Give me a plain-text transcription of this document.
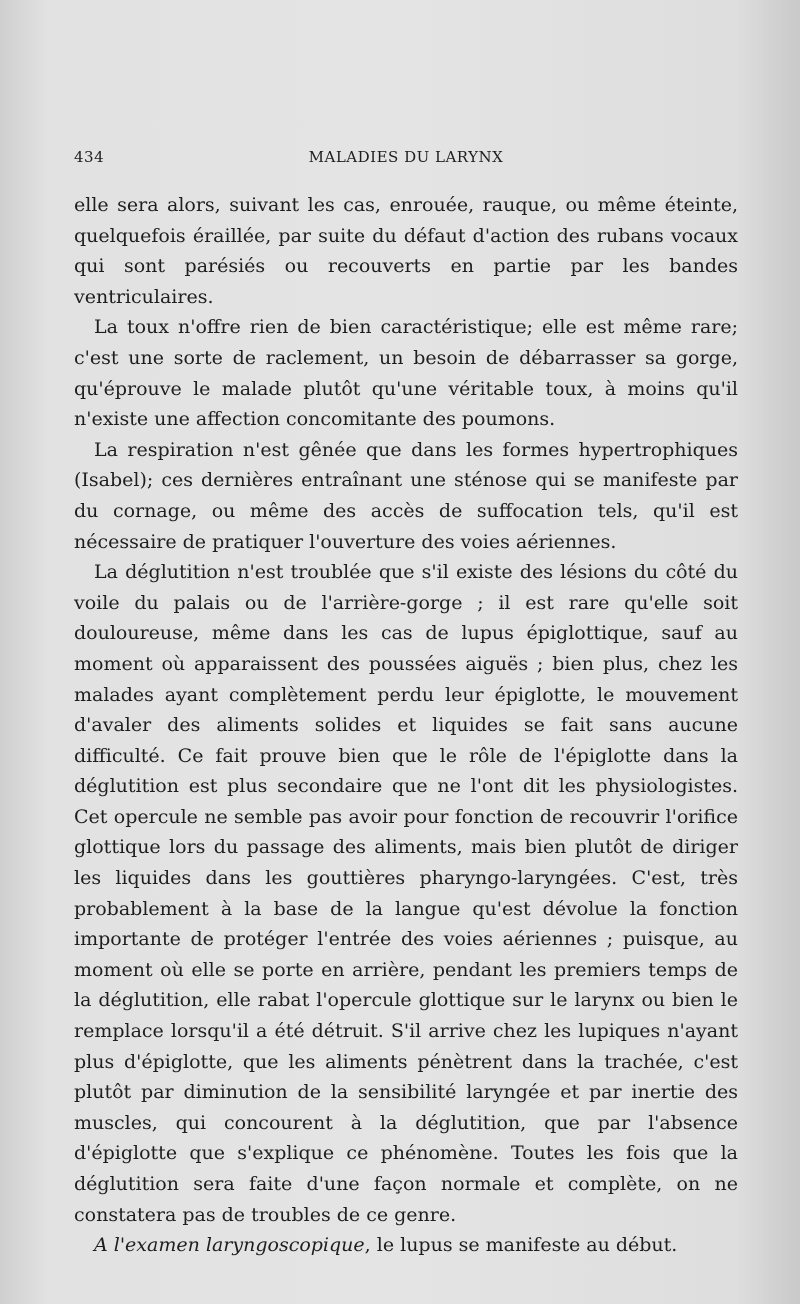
434	MALADIES DU LARYNX

elle sera alors, suivant les cas, enrouée, rauque, ou même éteinte, quelquefois éraillée, par suite du défaut d'action des rubans vocaux qui sont parésiés ou recouverts en partie par les bandes ventriculaires.

La toux n'offre rien de bien caractéristique; elle est même rare; c'est une sorte de raclement, un besoin de débarrasser sa gorge, qu'éprouve le malade plutôt qu'une véritable toux, à moins qu'il n'existe une affection concomitante des poumons.

La respiration n'est gênée que dans les formes hypertrophiques (Isabel); ces dernières entraînant une sténose qui se manifeste par du cornage, ou même des accès de suffocation tels, qu'il est nécessaire de pratiquer l'ouverture des voies aériennes.

La déglutition n'est troublée que s'il existe des lésions du côté du voile du palais ou de l'arrière-gorge ; il est rare qu'elle soit douloureuse, même dans les cas de lupus épiglottique, sauf au moment où apparaissent des poussées aiguës ; bien plus, chez les malades ayant complètement perdu leur épiglotte, le mouvement d'avaler des aliments solides et liquides se fait sans aucune difficulté. Ce fait prouve bien que le rôle de l'épiglotte dans la déglutition est plus secondaire que ne l'ont dit les physiologistes. Cet opercule ne semble pas avoir pour fonction de recouvrir l'orifice glottique lors du passage des aliments, mais bien plutôt de diriger les liquides dans les gouttières pharyngo-laryngées. C'est, très probablement à la base de la langue qu'est dévolue la fonction importante de protéger l'entrée des voies aériennes ; puisque, au moment où elle se porte en arrière, pendant les premiers temps de la déglutition, elle rabat l'opercule glottique sur le larynx ou bien le remplace lorsqu'il a été détruit. S'il arrive chez les lupiques n'ayant plus d'épiglotte, que les aliments pénètrent dans la trachée, c'est plutôt par diminution de la sensibilité laryngée et par inertie des muscles, qui concourent à la déglutition, que par l'absence d'épiglotte que s'explique ce phénomène. Toutes les fois que la déglutition sera faite d'une façon normale et complète, on ne constatera pas de troubles de ce genre.

A l'examen laryngoscopique, le lupus se manifeste au début.
